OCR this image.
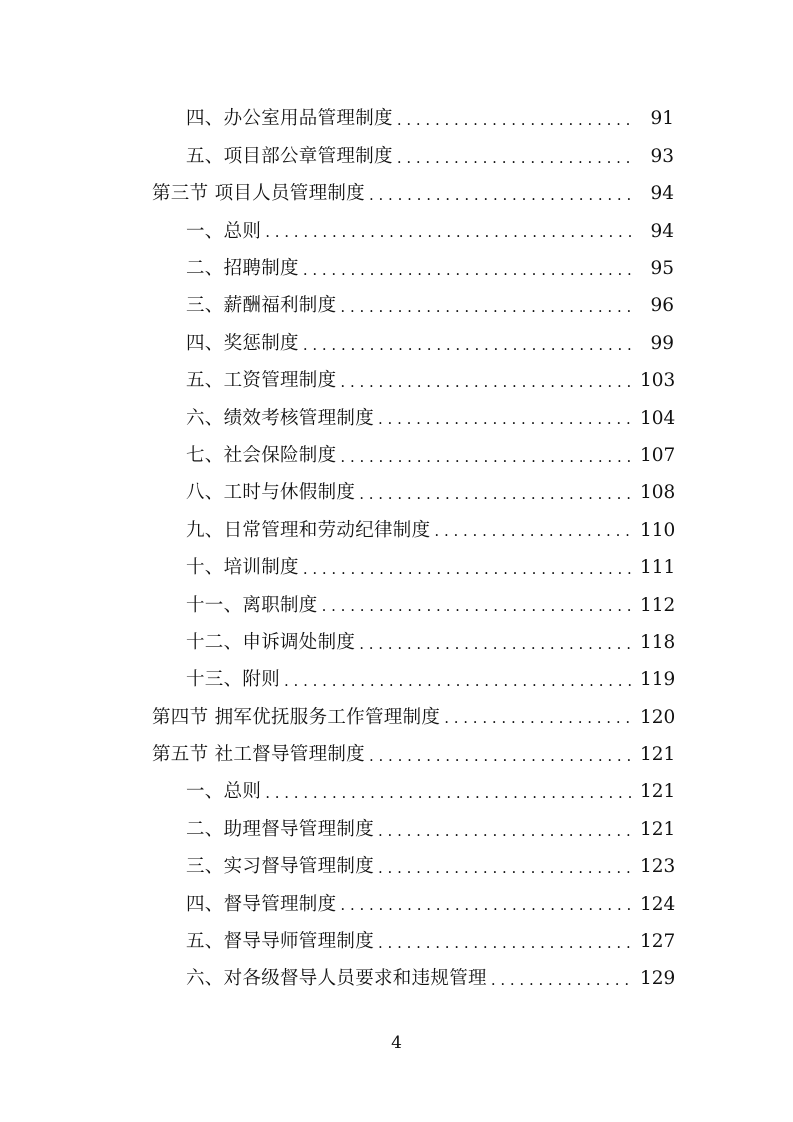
四、办公室用品管理制度 . . .	91
五、项目部公章管理制度 . . .	93
第三节 项目人员管理制度 . . .	94
一、总则 . . .	94
二、招聘制度 . . .	95
三、薪酬福利制度 . . .	96
四、奖惩制度 . . .	99
五、工资管理制度 . . .	103
六、绩效考核管理制度 . . .	104
七、社会保险制度 . . .	107
八、工时与休假制度 . . .	108
九、日常管理和劳动纪律制度 . . .	110
十、培训制度 . . .	111
十一、离职制度 . . .	112
十二、申诉调处制度 . . .	118
十三、附则 . . .	119
第四节 拥军优抚服务工作管理制度 . . .	120
第五节 社工督导管理制度 . . .	121
一、总则 . . .	121
二、助理督导管理制度 . . .	121
三、实习督导管理制度 . . .	123
四、督导管理制度 . . .	124
五、督导导师管理制度 . . .	127
六、对各级督导人员要求和违规管理 . . .	129
4
